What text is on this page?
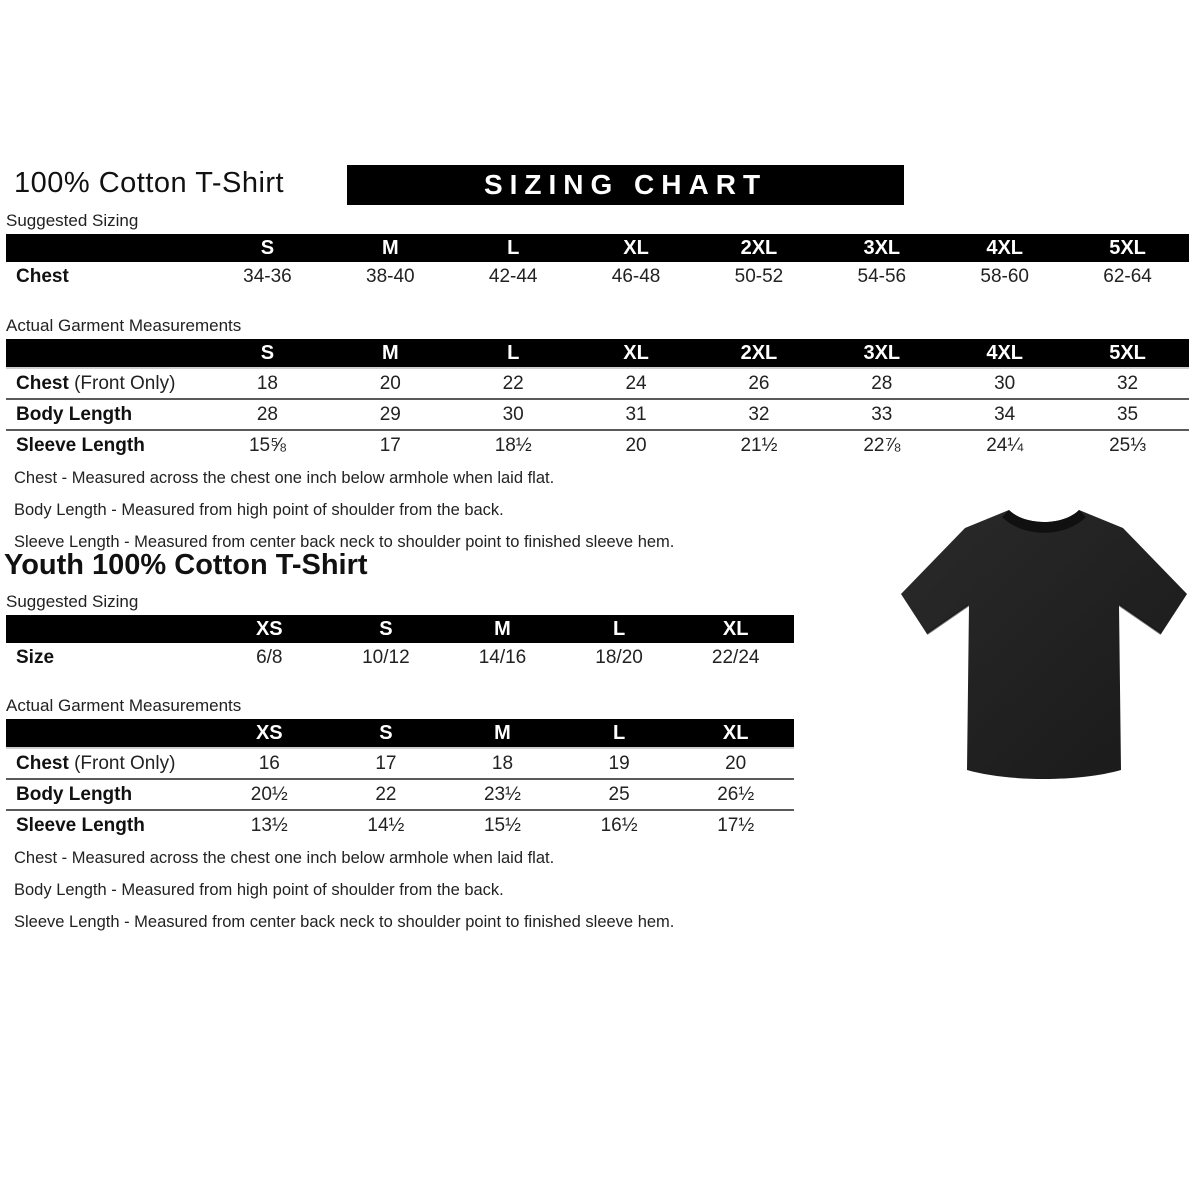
100% Cotton T-Shirt	SIZING CHART

Suggested Sizing

	S	M	L	XL	2XL	3XL	4XL	5XL
Chest	34-36	38-40	42-44	46-48	50-52	54-56	58-60	62-64

Actual Garment Measurements

	S	M	L	XL	2XL	3XL	4XL	5XL
Chest (Front Only)	18	20	22	24	26	28	30	32
Body Length	28	29	30	31	32	33	34	35
Sleeve Length	15⅝	17	18½	20	21½	22⅞	24¼	25⅓
Chest - Measured across the chest one inch below armhole when laid flat.
Body Length - Measured from high point of shoulder from the back.
Sleeve Length - Measured from center back neck to shoulder point to finished sleeve hem.
Youth 100% Cotton T-Shirt

Suggested Sizing

	XS	S	M	L	XL
Size	6/8	10/12	14/16	18/20	22/24

Actual Garment Measurements

	XS	S	M	L	XL
Chest (Front Only)	16	17	18	19	20
Body Length	20½	22	23½	25	26½
Sleeve Length	13½	14½	15½	16½	17½
Chest - Measured across the chest one inch below armhole when laid flat.
Body Length - Measured from high point of shoulder from the back.
Sleeve Length - Measured from center back neck to shoulder point to finished sleeve hem.
